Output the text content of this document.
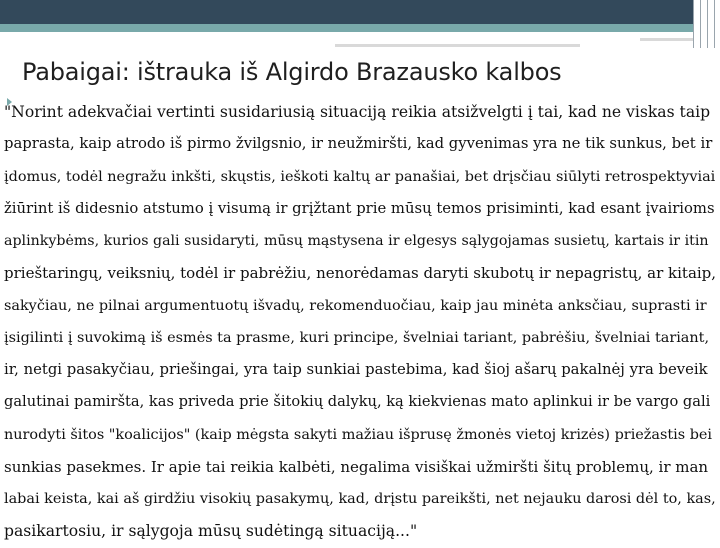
Pabaigai: ištrauka iš Algirdo Brazausko kalbos
"Norint adekvačiai vertinti susidariusią situaciją reikia atsižvelgti į tai, kad ne viskas taip
paprasta, kaip atrodo iš pirmo žvilgsnio, ir neužmiršti, kad gyvenimas yra ne tik sunkus, bet ir
įdomus, todėl negražu inkšti, skųstis, ieškoti kaltų ar panašiai, bet drįsčiau siūlyti retrospektyviai
žiūrint iš didesnio atstumo į visumą ir grįžtant prie mūsų temos prisiminti, kad esant įvairioms
aplinkybėms, kurios gali susidaryti, mūsų mąstysena ir elgesys sąlygojamas susietų, kartais ir itin
prieštaringų, veiksnių, todėl ir pabrėžiu, nenorėdamas daryti skubotų ir nepagristų, ar kitaip,
sakyčiau, ne pilnai argumentuotų išvadų, rekomenduočiau, kaip jau minėta anksčiau, suprasti ir
įsigilinti į suvokimą iš esmės ta prasme, kuri principe, švelniai tariant, pabrėšiu, švelniai tariant,
ir, netgi pasakyčiau, priešingai, yra taip sunkiai pastebima, kad šioj ašarų pakalnėj yra beveik
galutinai pamiršta, kas priveda prie šitokių dalykų, ką kiekvienas mato aplinkui ir be vargo gali
nurodyti šitos "koalicijos" (kaip mėgsta sakyti mažiau išprusę žmonės vietoj krizės) priežastis bei
sunkias pasekmes. Ir apie tai reikia kalbėti, negalima visiškai užmiršti šitų problemų, ir man
labai keista, kai aš girdžiu visokių pasakymų, kad, drįstu pareikšti, net nejauku darosi dėl to, kas,
pasikartosiu, ir sąlygoja mūsų sudėtingą situaciją..."
